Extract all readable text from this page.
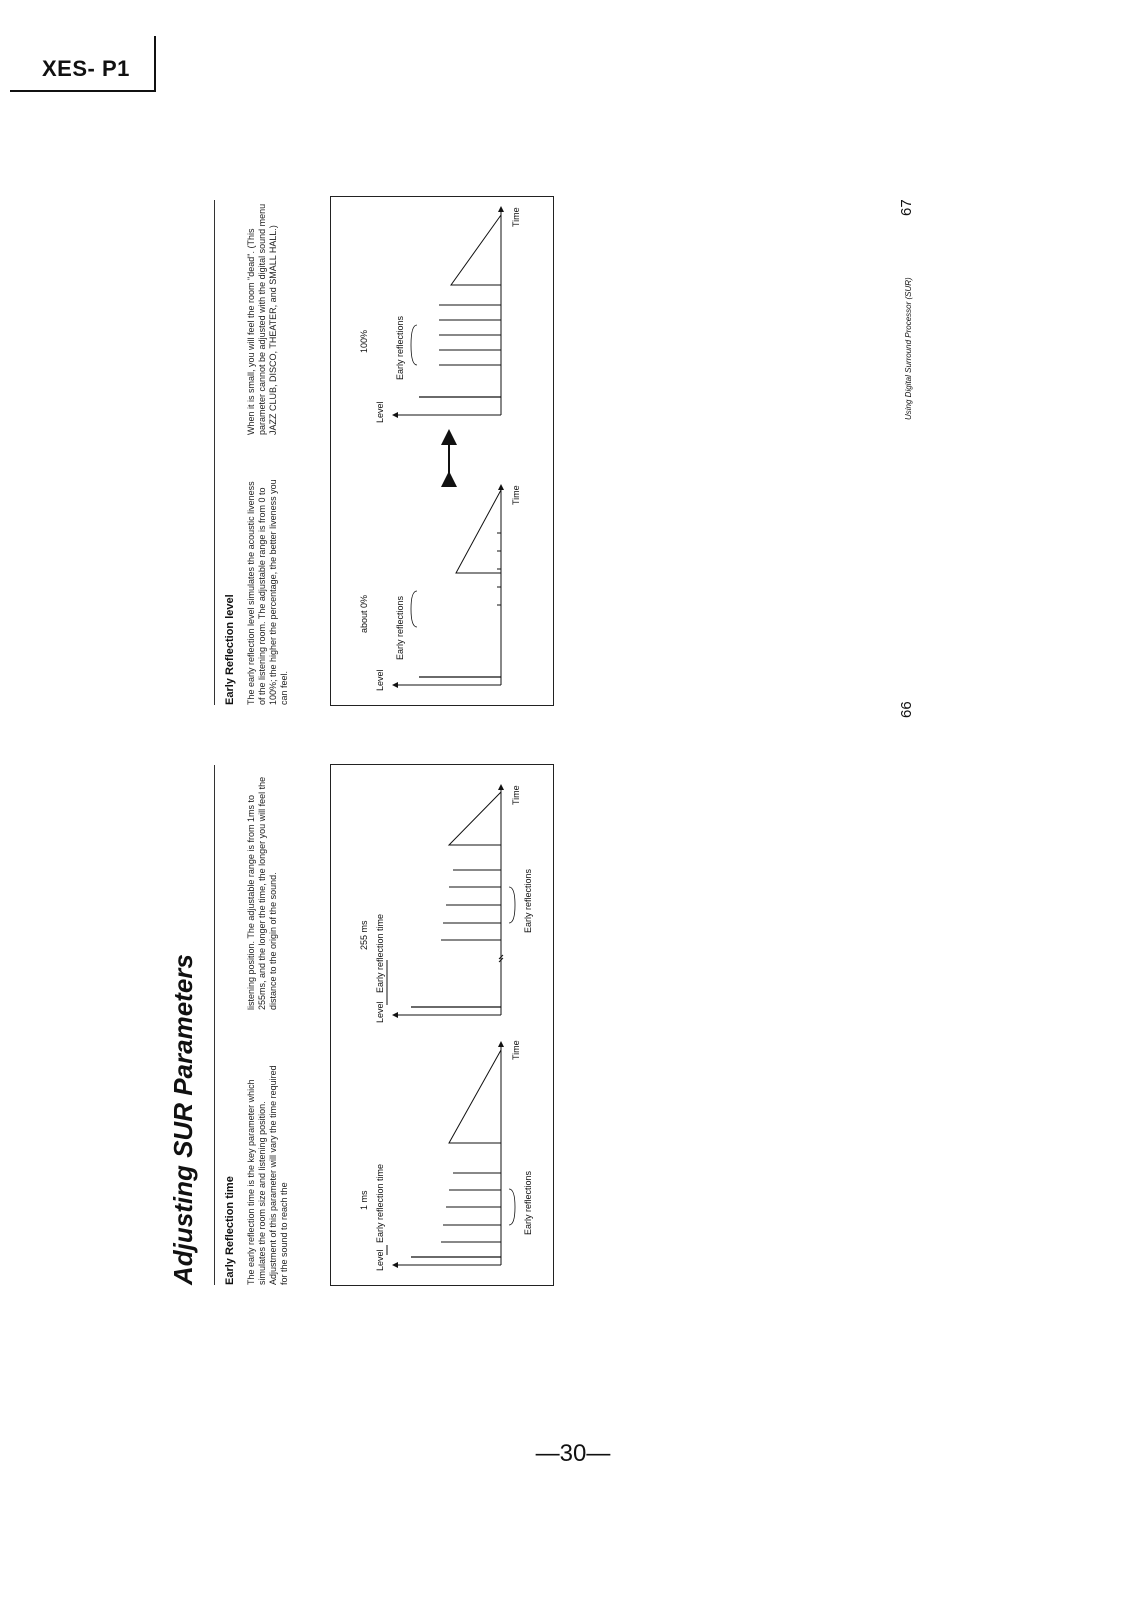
XES- P1
—30—
Adjusting SUR Parameters Early Reflection time The early reflection time is the key parameter which simulates the room size and listening position. Adjustment of this parameter will vary the time required for the sound to reach the
listening position. The adjustable range is from 1ms to 255ms, and the longer the time, the longer you will feel the distance to the origin of the sound.
Level
Early reflection time
1 ms	Early reflections
Time
Level
Early reflection time
255 ms
Early reflections
Time
Early Reflection level The early reflection level simulates the acoustic liveness of the listening room. The adjustable range is from 0 to 100%; the higher the percentage, the better liveness you can feel.
When it is small, you will feel the room "dead". (This parameter cannot be adjusted with the digital sound menu JAZZ CLUB, DISCO, THEATER, and SMALL HALL.)
Level
Early reflections
about 0%
Time
Level
Early reflections
100%
Time
66
Using Digital Surround Processor (SUR)
67
